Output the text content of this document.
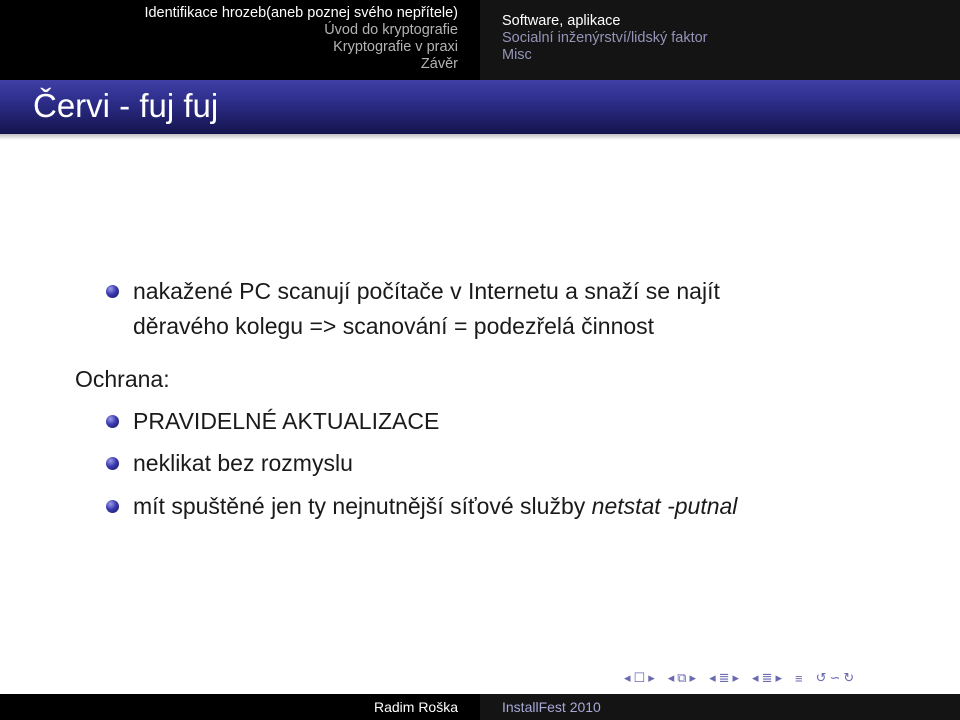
Identifikace hrozeb(aneb poznej svého nepřítele)
Úvod do kryptografie
Kryptografie v praxi
Závěr
Software, aplikace
Socialní inženýrství/lidský faktor
Misc
Červi - fuj fuj
nakažené PC scanují počítače v Internetu a snaží se najít
děravého kolegu => scanování = podezřelá činnost
Ochrana:
PRAVIDELNÉ AKTUALIZACE
neklikat bez rozmyslu
mít spuštěné jen ty nejnutnější síťové služby netstat -putnal
◂ ☐ ▸ ◂ ⧉ ▸ ◂ ≣ ▸ ◂ ≣ ▸ ≡ ↺ ∽ ↻
Radim Roška	InstallFest 2010
